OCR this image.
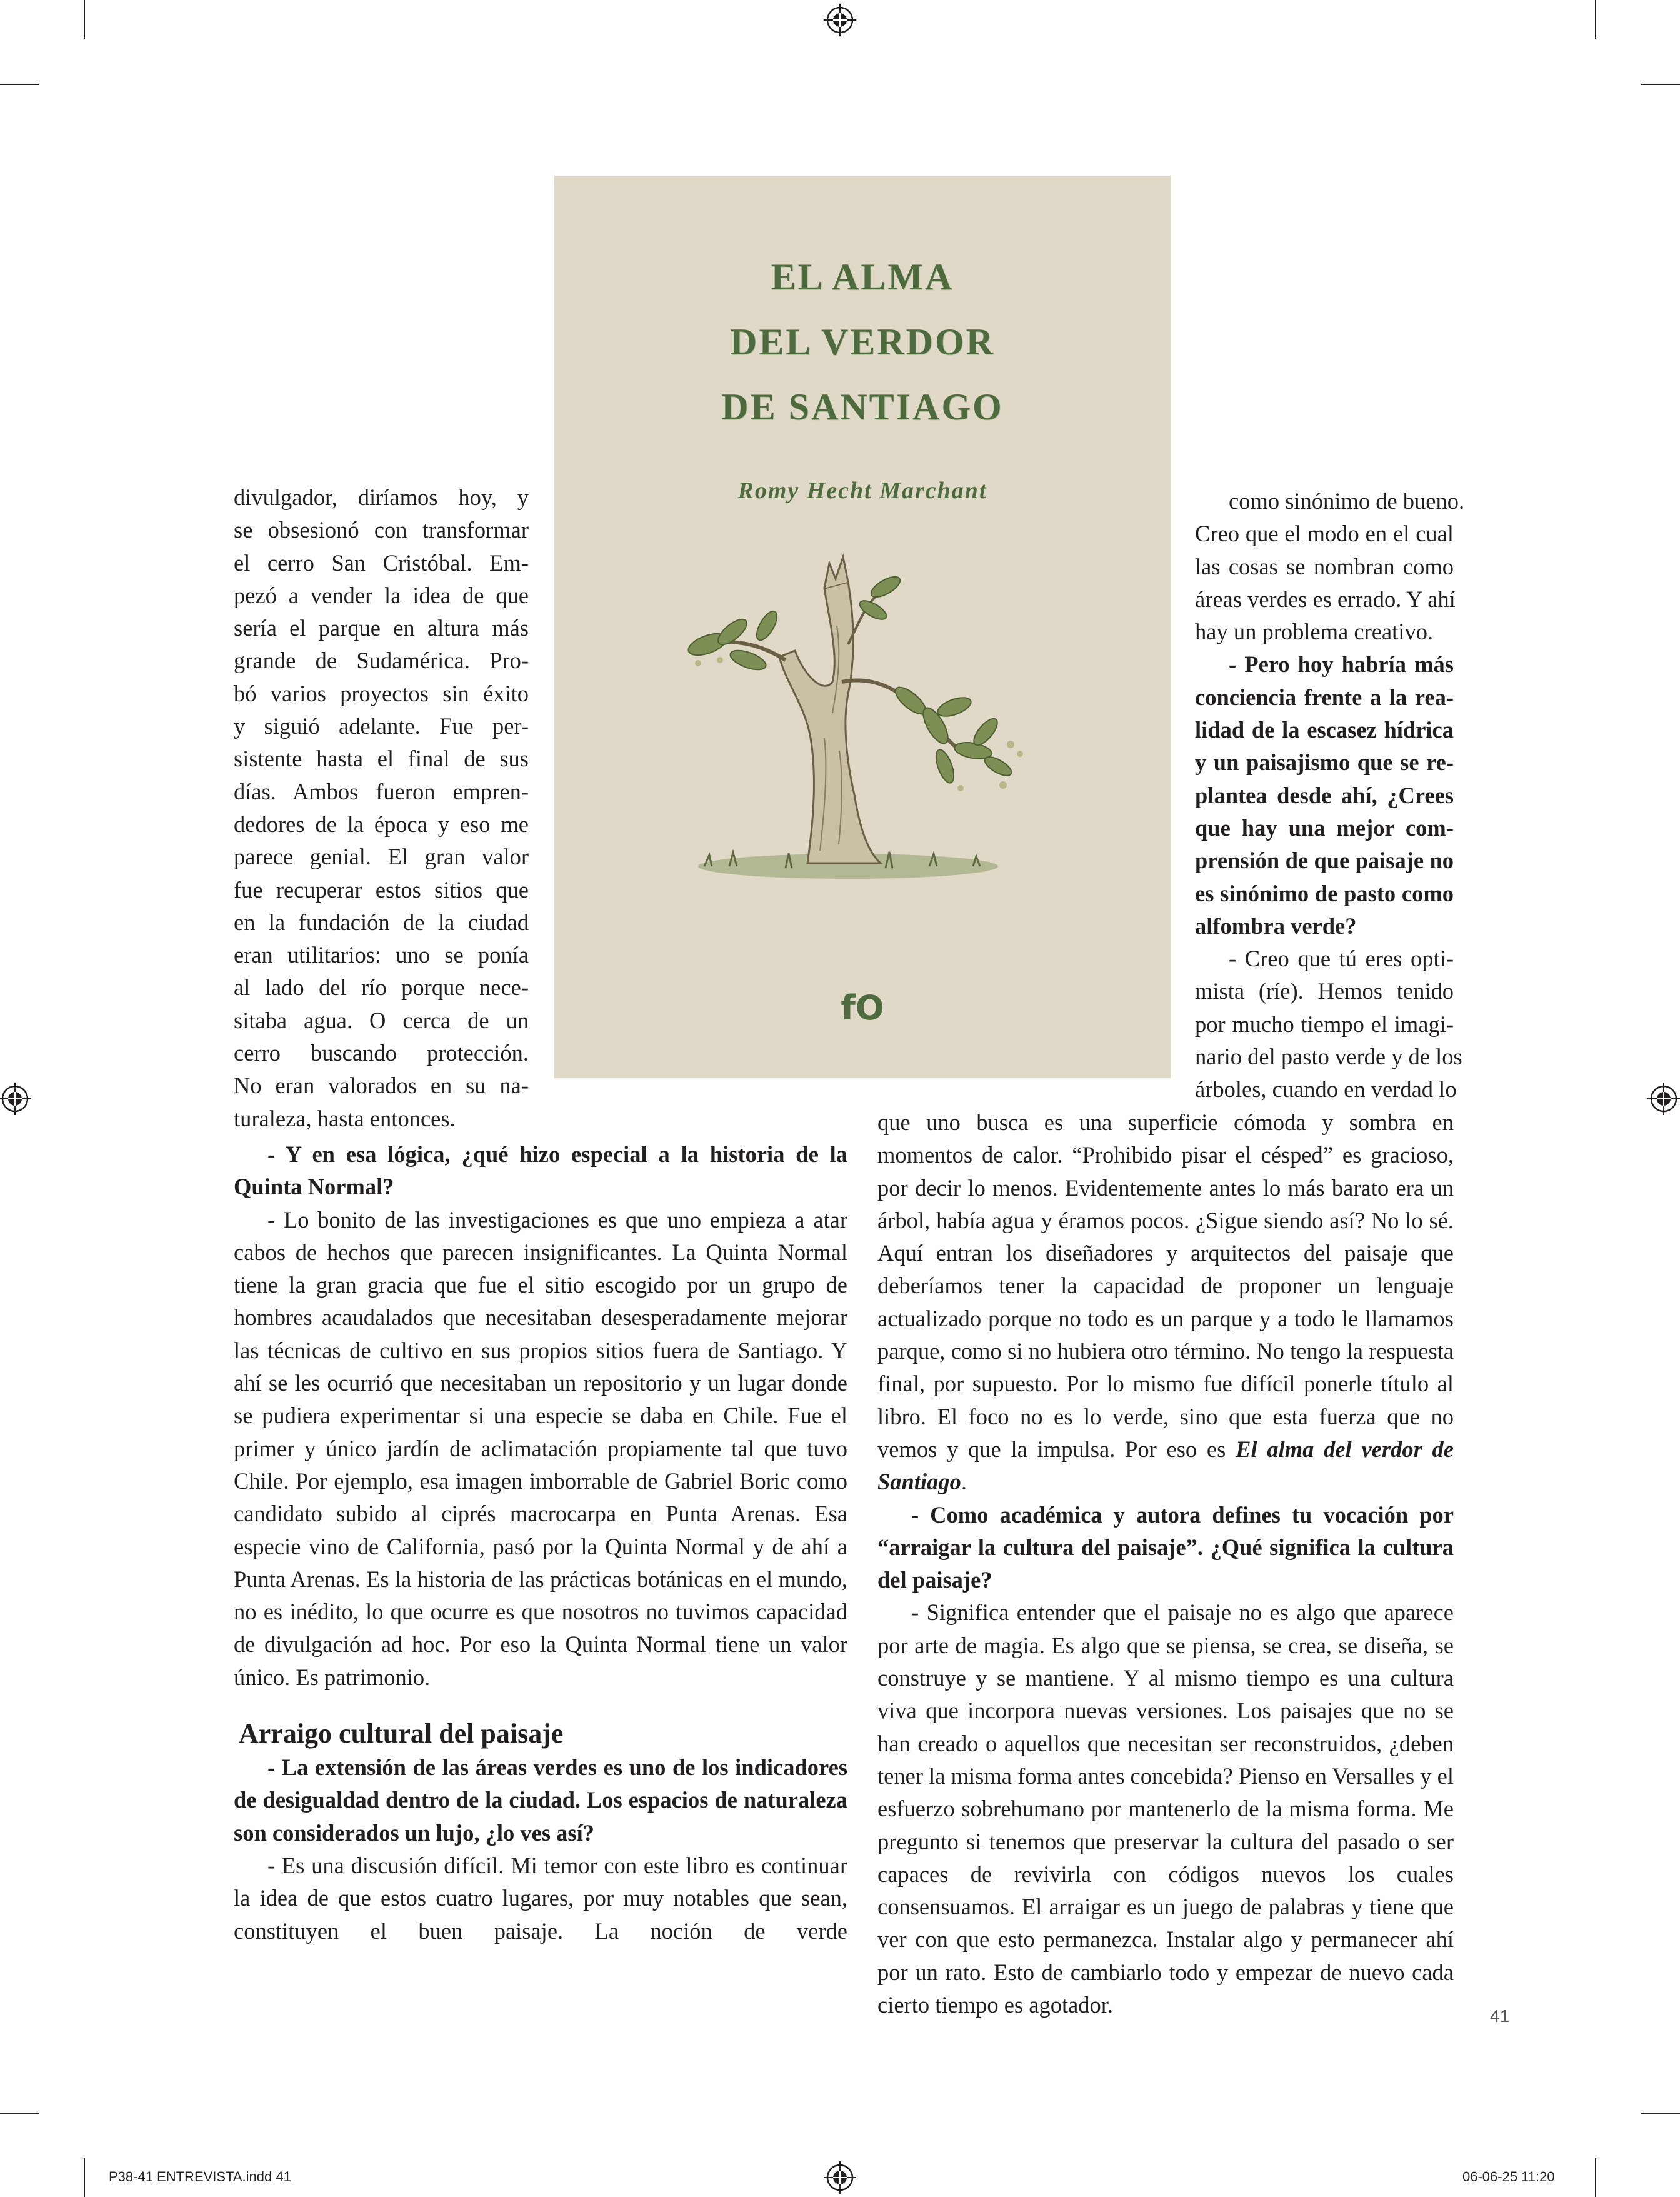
EL ALMA
DEL VERDOR
DE SANTIAGO
Romy Hecht Marchant
fO
divulgador, diríamos hoy, y
se obsesionó con transformar
el cerro San Cristóbal. Em-
pezó a vender la idea de que
sería el parque en altura más
grande de Sudamérica. Pro-
bó varios proyectos sin éxito
y siguió adelante. Fue per-
sistente hasta el final de sus
días. Ambos fueron empren-
dedores de la época y eso me
parece genial. El gran valor
fue recuperar estos sitios que
en la fundación de la ciudad
eran utilitarios: uno se ponía
al lado del río porque nece-
sitaba agua. O cerca de un
cerro buscando protección.
No eran valorados en su na-
turaleza, hasta entonces.

- Y en esa lógica, ¿qué hizo especial a la historia de la Quinta Normal?

- Lo bonito de las investigaciones es que uno empieza a atar cabos de hechos que parecen insignificantes. La Quinta Normal tiene la gran gracia que fue el sitio escogido por un grupo de hombres acaudalados que necesitaban desesperadamente mejorar las técnicas de cultivo en sus propios sitios fuera de Santiago. Y ahí se les ocurrió que necesitaban un repositorio y un lugar donde se pudiera experimentar si una especie se daba en Chile. Fue el primer y único jardín de aclimatación propiamente tal que tuvo Chile. Por ejemplo, esa imagen imborrable de Gabriel Boric como candidato subido al ciprés macrocarpa en Punta Arenas. Esa especie vino de California, pasó por la Quinta Normal y de ahí a Punta Arenas. Es la historia de las prácticas botánicas en el mundo, no es inédito, lo que ocurre es que nosotros no tuvimos capacidad de divulgación ad hoc. Por eso la Quinta Normal tiene un valor único. Es patrimonio.

Arraigo cultural del paisaje

- La extensión de las áreas verdes es uno de los indicadores de desigualdad dentro de la ciudad. Los espacios de naturaleza son considerados un lujo, ¿lo ves así?

- Es una discusión difícil. Mi temor con este libro es continuar la idea de que estos cuatro lugares, por muy notables que sean, constituyen el buen paisaje. La noción de verde

como sinónimo de bueno.
Creo que el modo en el cual
las cosas se nombran como
áreas verdes es errado. Y ahí
hay un problema creativo.
- Pero hoy habría más
conciencia frente a la rea-
lidad de la escasez hídrica
y un paisajismo que se re-
plantea desde ahí, ¿Crees
que hay una mejor com-
prensión de que paisaje no
es sinónimo de pasto como
alfombra verde?
- Creo que tú eres opti-
mista (ríe). Hemos tenido
por mucho tiempo el imagi-
nario del pasto verde y de los
árboles, cuando en verdad lo

que uno busca es una superficie cómoda y sombra en momentos de calor. “Prohibido pisar el césped” es gracioso, por decir lo menos. Evidentemente antes lo más barato era un árbol, había agua y éramos pocos. ¿Sigue siendo así? No lo sé. Aquí entran los diseñadores y arquitectos del paisaje que deberíamos tener la capacidad de proponer un lenguaje actualizado porque no todo es un parque y a todo le llamamos parque, como si no hubiera otro término. No tengo la respuesta final, por supuesto. Por lo mismo fue difícil ponerle título al libro. El foco no es lo verde, sino que esta fuerza que no vemos y que la impulsa. Por eso es El alma del verdor de Santiago.

- Como académica y autora defines tu vocación por “arraigar la cultura del paisaje”. ¿Qué significa la cultura del paisaje?

- Significa entender que el paisaje no es algo que aparece por arte de magia. Es algo que se piensa, se crea, se diseña, se construye y se mantiene. Y al mismo tiempo es una cultura viva que incorpora nuevas versiones. Los paisajes que no se han creado o aquellos que necesitan ser reconstruidos, ¿deben tener la misma forma antes concebida? Pienso en Versalles y el esfuerzo sobrehumano por mantenerlo de la misma forma. Me pregunto si tenemos que preservar la cultura del pasado o ser capaces de revivirla con códigos nuevos los cuales consensuamos. El arraigar es un juego de palabras y tiene que ver con que esto permanezca. Instalar algo y permanecer ahí por un rato. Esto de cambiarlo todo y empezar de nuevo cada cierto tiempo es agotador.	41
P38-41 ENTREVISTA.indd 41	06-06-25 11:20
